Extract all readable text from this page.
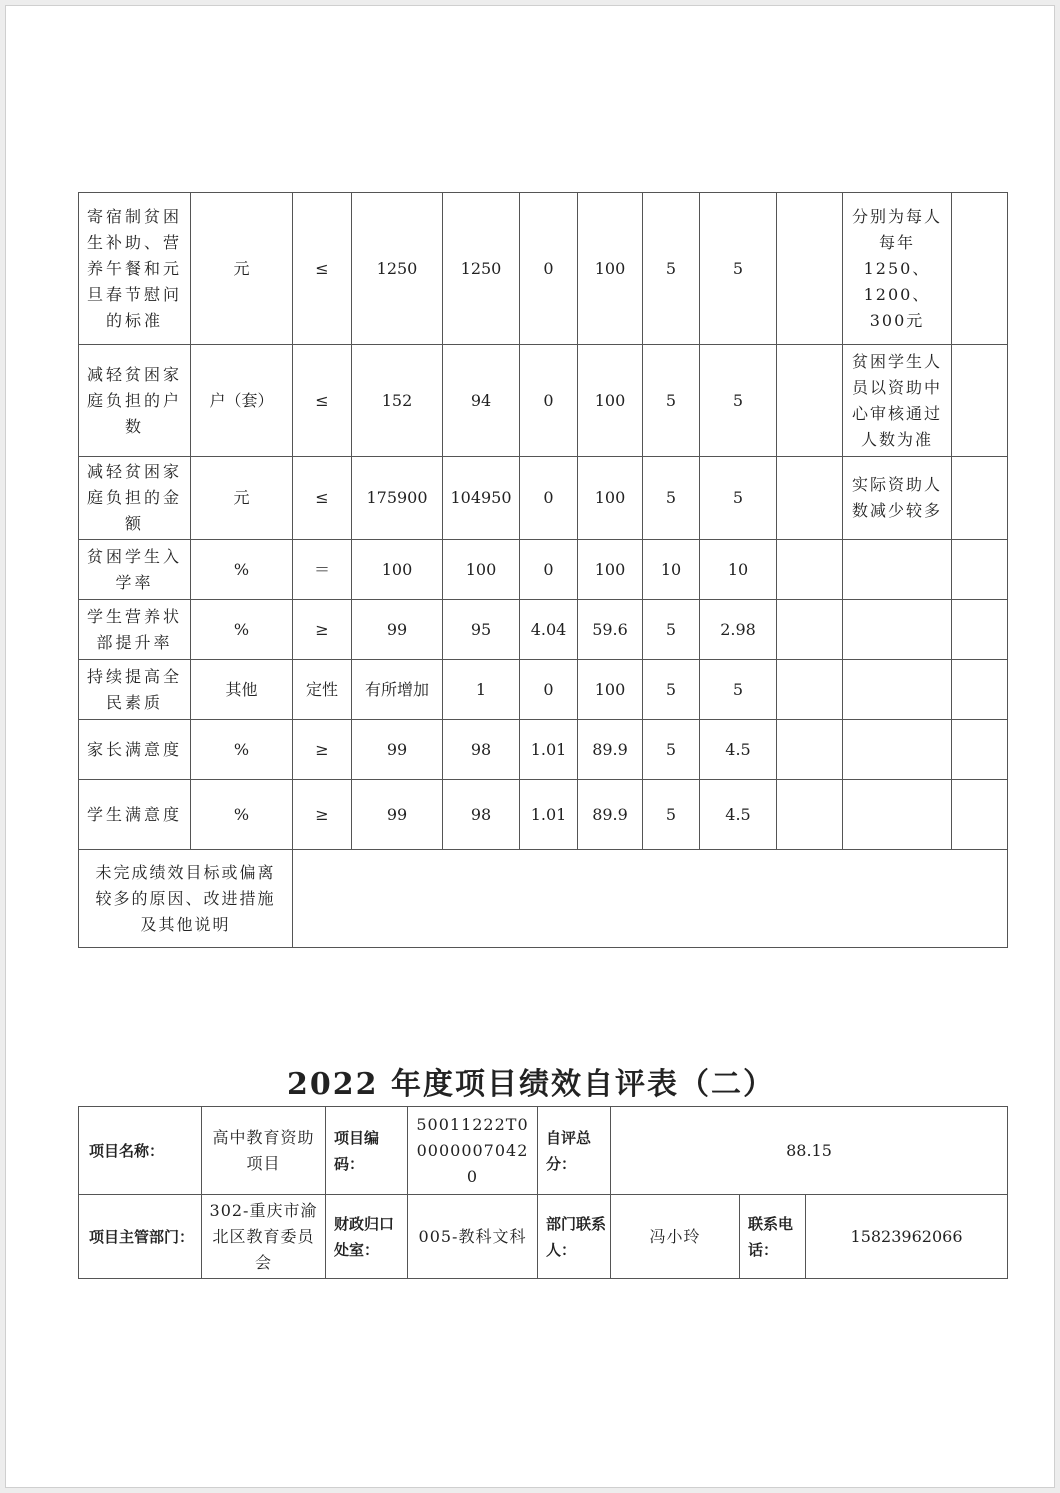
寄宿制贫困生补助、营养午餐和元旦春节慰问的标准	元	≤	1250	1250	0	100	5	5		分别为每人每年1250、1200、300元	
减轻贫困家庭负担的户数	户（套）	≤	152	94	0	100	5	5		贫困学生人员以资助中心审核通过人数为准	
减轻贫困家庭负担的金额	元	≤	175900	104950	0	100	5	5		实际资助人数减少较多	
贫困学生入学率	%	＝	100	100	0	100	10	10			
学生营养状部提升率	%	≥	99	95	4.04	59.6	5	2.98			
持续提高全民素质	其他	定性	有所增加	1	0	100	5	5			
家长满意度	%	≥	99	98	1.01	89.9	5	4.5			
学生满意度	%	≥	99	98	1.01	89.9	5	4.5			
未完成绩效目标或偏离较多的原因、改进措施及其他说明											
2022 年度项目绩效自评表（二）
项目名称：	高中教育资助项目	项目编码：	50011222T000000070420	自评总分：	88.15		
项目主管部门：	302-重庆市渝北区教育委员会	财政归口处室：	005-教科文科	部门联系人：	冯小玲	联系电话：	15823962066
